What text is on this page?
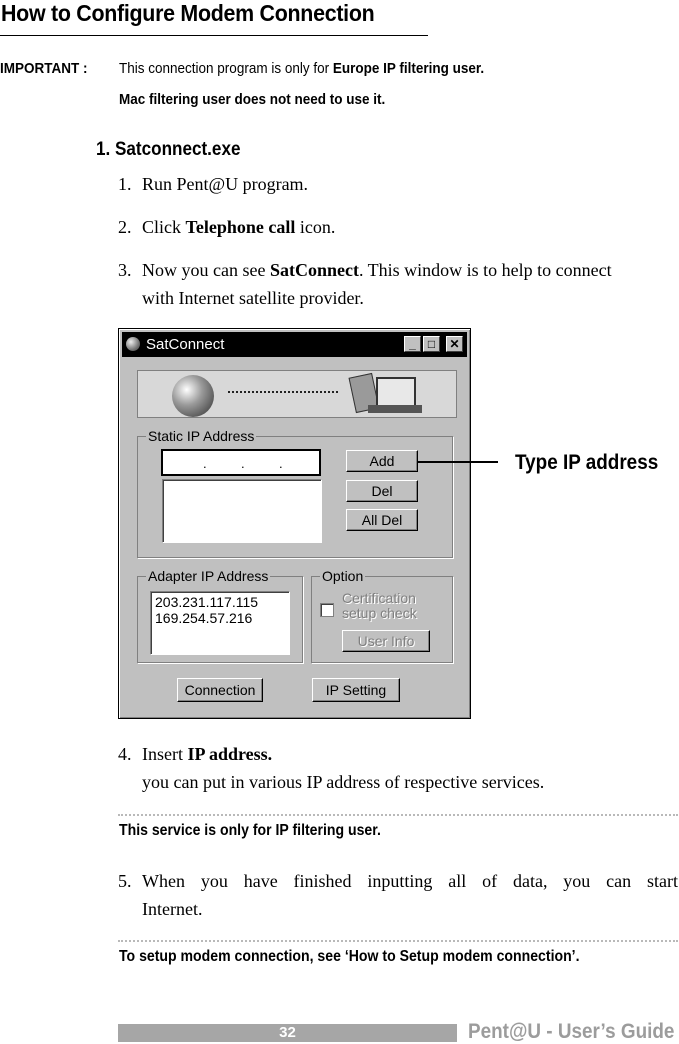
How to Configure Modem Connection
IMPORTANT : This connection program is only for Europe IP filtering user.
Mac filtering user does not need to use it.
1. Satconnect.exe
1. Run Pent@U program.
2. Click Telephone call icon.
3. Now you can see SatConnect. This window is to help to connect
with Internet satellite provider.
SatConnect	_	□	✕
Static IP Address
Add
Del
All Del
.	.	.
Adapter IP Address
203.231.117.115
169.254.57.216
Option
Certification
setup check
User Info
Connection	IP Setting
Type IP address
4. Insert IP address.
you can put in various IP address of respective services.
This service is only for IP filtering user.
5. When you have finished inputting all of data, you can start
Internet.
To setup modem connection, see ‘How to Setup modem connection’.
32	Pent@U - User’s Guide
